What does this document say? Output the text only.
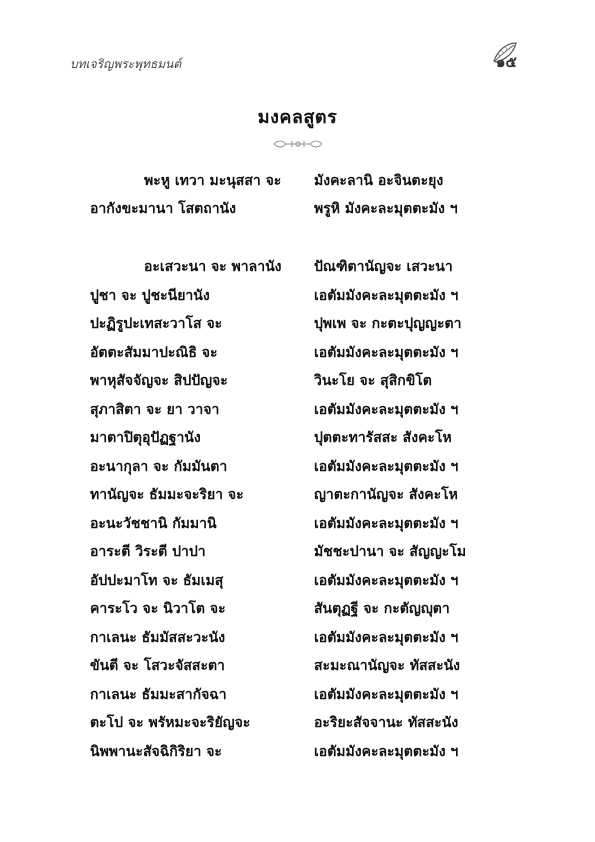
บทเจริญพระพุทธมนต์	๑๕
มงคลสูตร
พะหู เทวา มะนุสสา จะ	มังคะลานิ อะจินตะยุง
อากังขะมานา โสตถานัง	พรูหิ มังคะละมุตตะมัง ฯ
อะเสวะนา จะ พาลานัง	ปัณฑิตานัญจะ เสวะนา
ปูชา จะ ปูชะนียานัง	เอตัมมังคะละมุตตะมัง ฯ
ปะฏิรูปะเทสะวาโส จะ	ปุพเพ จะ กะตะปุญญะตา
อัตตะสัมมาปะณิธิ จะ	เอตัมมังคะละมุตตะมัง ฯ
พาหุสัจจัญจะ สิปปัญจะ	วินะโย จะ สุสิกขิโต
สุภาสิตา จะ ยา วาจา	เอตัมมังคะละมุตตะมัง ฯ
มาตาปิตุอุปัฏฐานัง	ปุตตะทารัสสะ สังคะโห
อะนากุลา จะ กัมมันตา	เอตัมมังคะละมุตตะมัง ฯ
ทานัญจะ ธัมมะจะริยา จะ	ญาตะกานัญจะ สังคะโห
อะนะวัชชานิ กัมมานิ	เอตัมมังคะละมุตตะมัง ฯ
อาระตี วิระตี ปาปา	มัชชะปานา จะ สัญญะโม
อัปปะมาโท จะ ธัมเมสุ	เอตัมมังคะละมุตตะมัง ฯ
คาระโว จะ นิวาโต จะ	สันตุฏฐี จะ กะตัญญุตา
กาเลนะ ธัมมัสสะวะนัง	เอตัมมังคะละมุตตะมัง ฯ
ขันตี จะ โสวะจัสสะตา	สะมะณานัญจะ ทัสสะนัง
กาเลนะ ธัมมะสากัจฉา	เอตัมมังคะละมุตตะมัง ฯ
ตะโป จะ พรัหมะจะริยัญจะ	อะริยะสัจจานะ ทัสสะนัง
นิพพานะสัจฉิกิริยา จะ	เอตัมมังคะละมุตตะมัง ฯ
